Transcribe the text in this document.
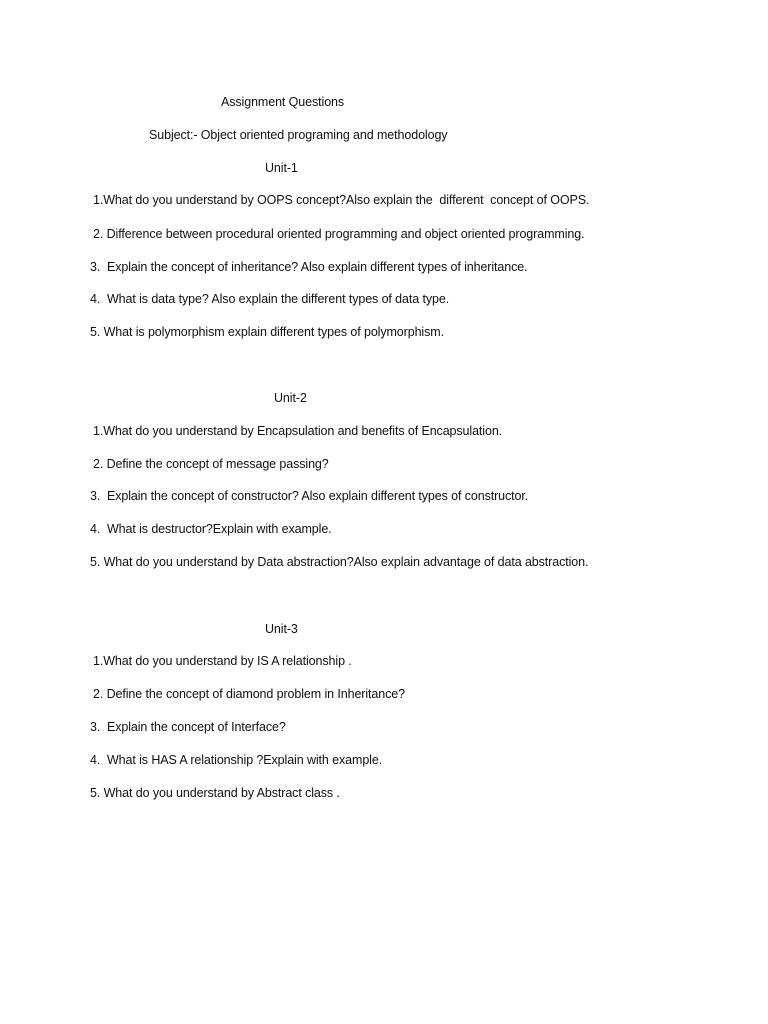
Assignment Questions
Subject:- Object oriented programing and methodology
Unit-1
1.What do you understand by OOPS concept?Also explain the  different  concept of OOPS.
2. Difference between procedural oriented programming and object oriented programming.
3.  Explain the concept of inheritance? Also explain different types of inheritance.
4.  What is data type? Also explain the different types of data type.
5. What is polymorphism explain different types of polymorphism.
Unit-2
1.What do you understand by Encapsulation and benefits of Encapsulation.
2. Define the concept of message passing?
3.  Explain the concept of constructor? Also explain different types of constructor.
4.  What is destructor?Explain with example.
5. What do you understand by Data abstraction?Also explain advantage of data abstraction.
Unit-3
1.What do you understand by IS A relationship .
2. Define the concept of diamond problem in Inheritance?
3.  Explain the concept of Interface?
4.  What is HAS A relationship ?Explain with example.
5. What do you understand by Abstract class .
